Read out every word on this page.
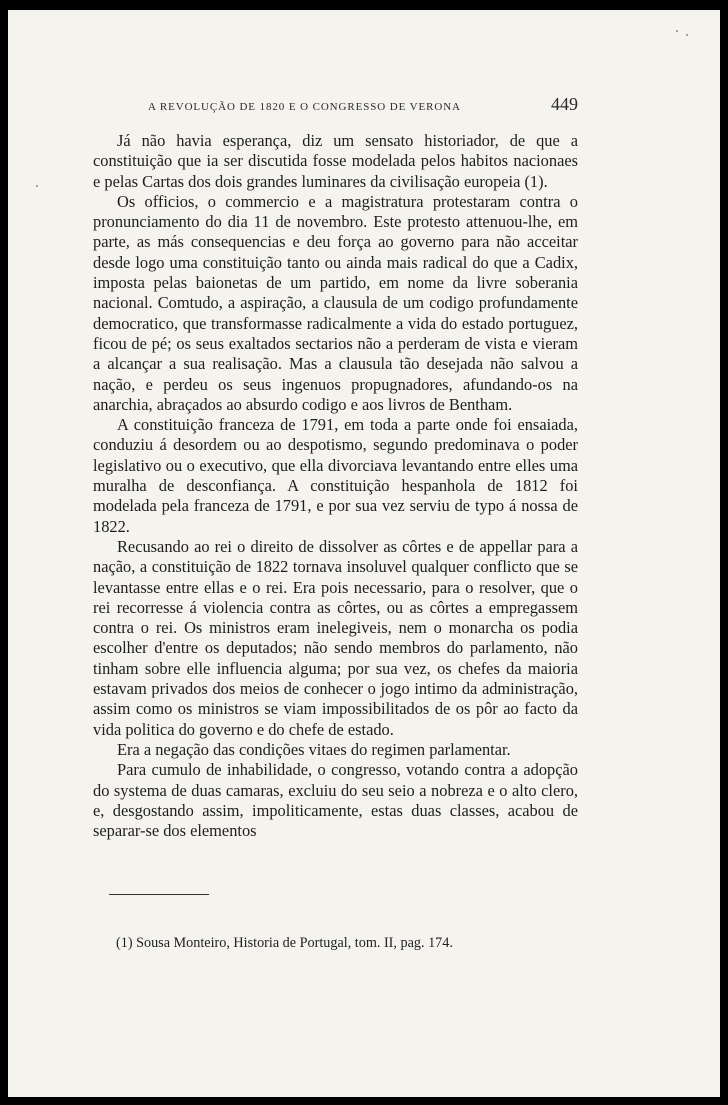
A REVOLUÇÃO DE 1820 E O CONGRESSO DE VERONA	449

Já não havia esperança, diz um sensato historiador, de que a constituição que ia ser discutida fosse modelada pelos habitos nacionaes e pelas Cartas dos dois grandes luminares da civilisação europeia (1).

Os officios, o commercio e a magistratura protestaram contra o pronunciamento do dia 11 de novembro. Este protesto attenuou-lhe, em parte, as más consequencias e deu força ao governo para não acceitar desde logo uma constituição tanto ou ainda mais radical do que a Cadix, imposta pelas baionetas de um partido, em nome da livre soberania nacional. Comtudo, a aspiração, a clausula de um codigo profundamente democratico, que transformasse radicalmente a vida do estado portuguez, ficou de pé; os seus exaltados sectarios não a perderam de vista e vieram a alcançar a sua realisação. Mas a clausula tão desejada não salvou a nação, e perdeu os seus ingenuos propugnadores, afundando-os na anarchia, abraçados ao absurdo codigo e aos livros de Bentham.

A constituição franceza de 1791, em toda a parte onde foi ensaiada, conduziu á desordem ou ao despotismo, segundo predominava o poder legislativo ou o executivo, que ella divorciava levantando entre elles uma muralha de desconfiança. A constituição hespanhola de 1812 foi modelada pela franceza de 1791, e por sua vez serviu de typo á nossa de 1822.

Recusando ao rei o direito de dissolver as côrtes e de appellar para a nação, a constituição de 1822 tornava insoluvel qualquer conflicto que se levantasse entre ellas e o rei. Era pois necessario, para o resolver, que o rei recorresse á violencia contra as côrtes, ou as côrtes a empregassem contra o rei. Os ministros eram inelegiveis, nem o monarcha os podia escolher d'entre os deputados; não sendo membros do parlamento, não tinham sobre elle influencia alguma; por sua vez, os chefes da maioria estavam privados dos meios de conhecer o jogo intimo da administração, assim como os ministros se viam impossibilitados de os pôr ao facto da vida politica do governo e do chefe de estado.

Era a negação das condições vitaes do regimen parlamentar.

Para cumulo de inhabilidade, o congresso, votando contra a adopção do systema de duas camaras, excluiu do seu seio a nobreza e o alto clero, e, desgostando assim, impoliticamente, estas duas classes, acabou de separar-se dos elementos

(1) Sousa Monteiro, Historia de Portugal, tom. II, pag. 174.
